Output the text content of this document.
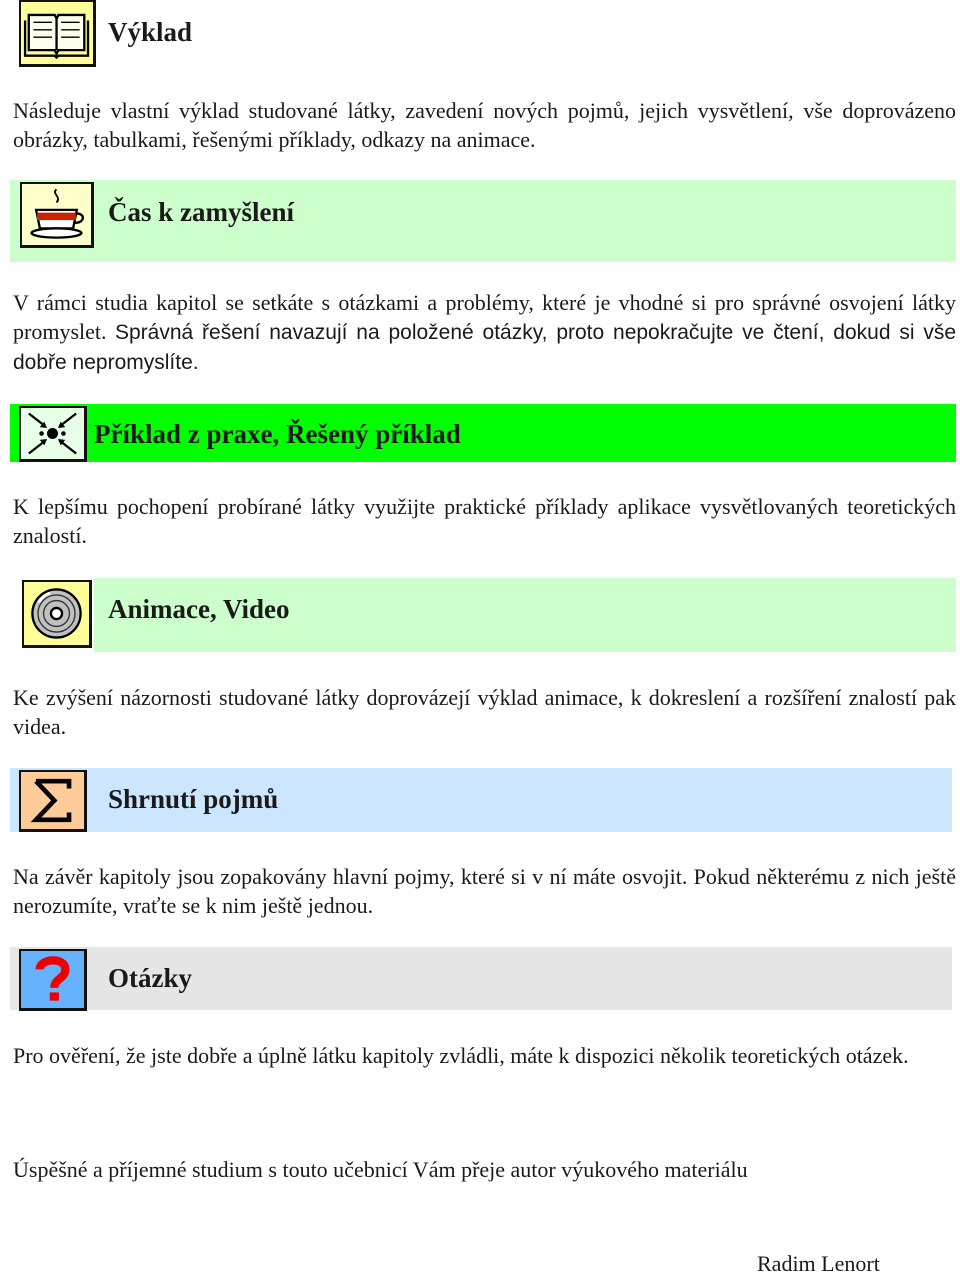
Výklad

Následuje vlastní výklad studované látky, zavedení nových pojmů, jejich vysvětlení, vše doprovázeno obrázky, tabulkami, řešenými příklady, odkazy na animace.

Čas k zamyšlení

V rámci studia kapitol se setkáte s otázkami a problémy, které je vhodné si pro správné osvojení látky promyslet. Správná řešení navazují na položené otázky, proto nepokračujte ve čtení, dokud si vše dobře nepromyslíte.

Příklad z praxe, Řešený příklad

K lepšímu pochopení probírané látky využijte praktické příklady aplikace vysvětlovaných teoretických znalostí.

Animace, Video

Ke zvýšení názornosti studované látky doprovázejí výklad animace, k dokreslení a rozšíření znalostí pak videa.

Shrnutí pojmů

Na závěr kapitoly jsou zopakovány hlavní pojmy, které si v ní máte osvojit. Pokud některému z nich ještě nerozumíte, vraťte se k nim ještě jednou.

Otázky

Pro ověření, že jste dobře a úplně látku kapitoly zvládli, máte k dispozici několik teoretických otázek.

Úspěšné a příjemné studium s touto učebnicí Vám přeje autor výukového materiálu
Radim Lenort
